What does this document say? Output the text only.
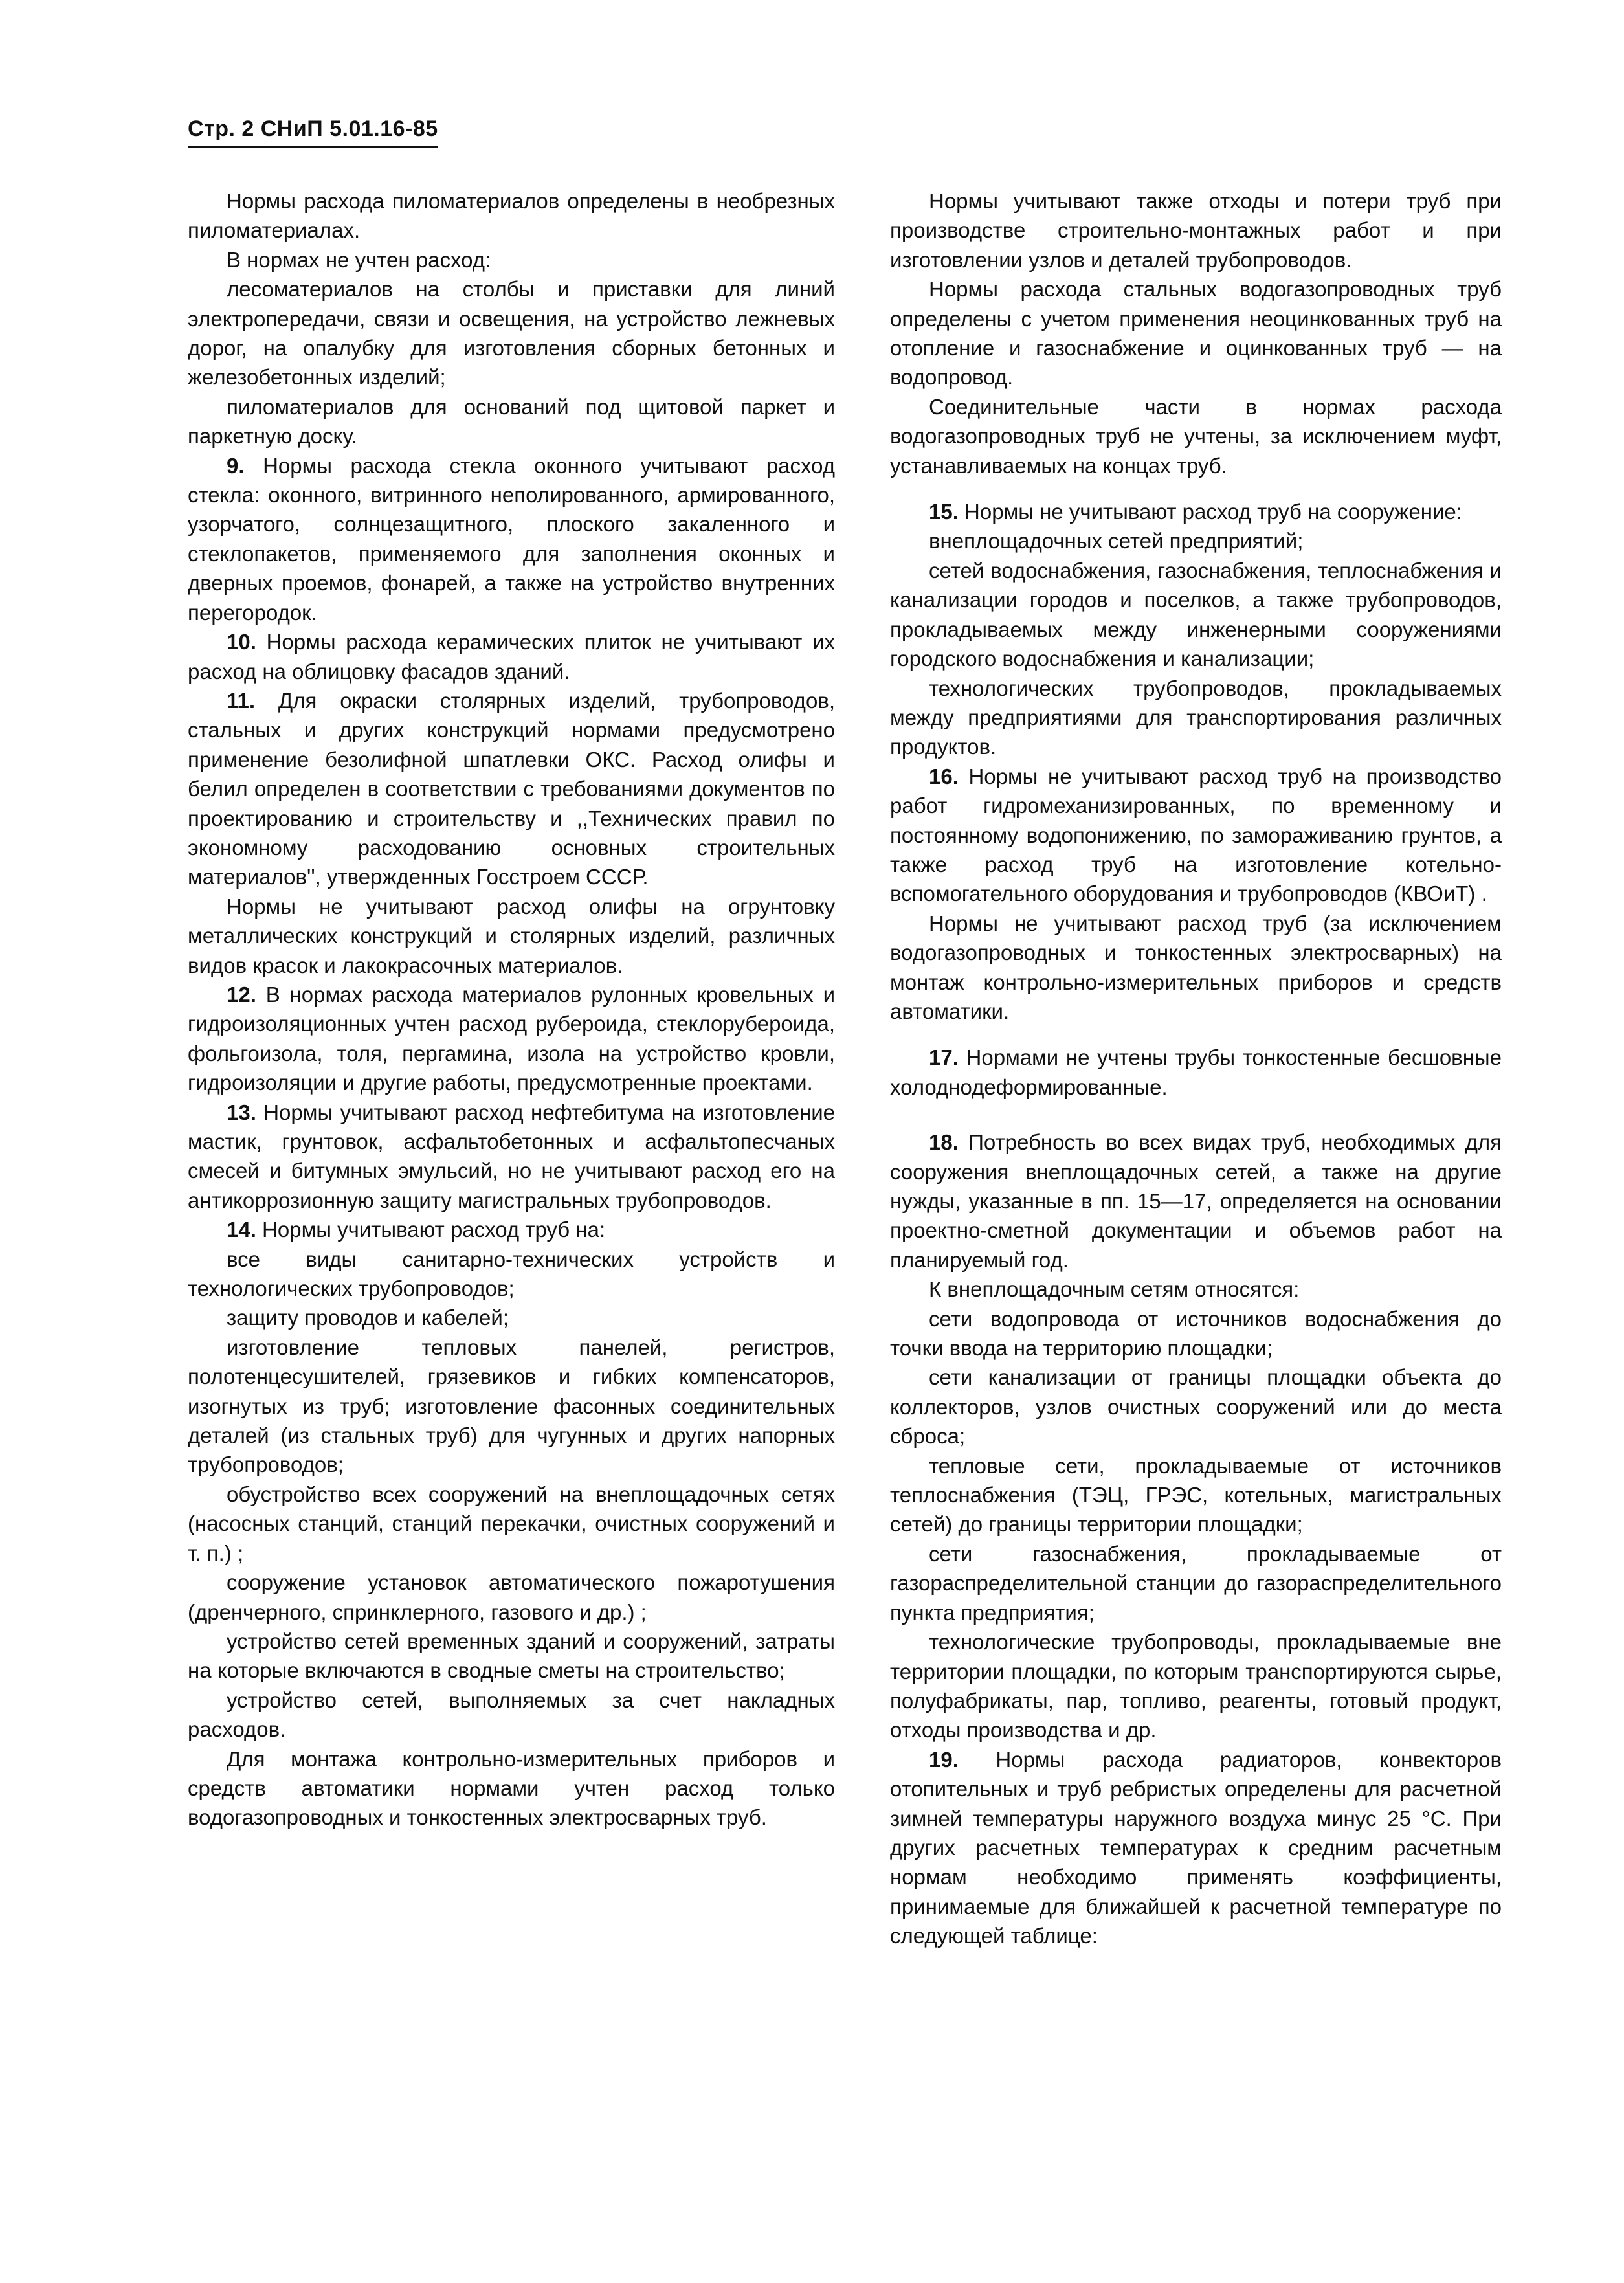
Стр. 2 СНиП 5.01.16-85

Нормы расхода пиломатериалов определены в необрезных пиломатериалах.

В нормах не учтен расход:

лесоматериалов на столбы и приставки для линий электропередачи, связи и освещения, на устройство лежневых дорог, на опалубку для изготовления сборных бетонных и железобетонных изделий;

пиломатериалов для оснований под щитовой паркет и паркетную доску.

9. Нормы расхода стекла оконного учитывают расход стекла: оконного, витринного неполированного, армированного, узорчатого, солнцезащитного, плоского закаленного и стеклопакетов, применяемого для заполнения оконных и дверных проемов, фонарей, а также на устройство внутренних перегородок.

10. Нормы расхода керамических плиток не учитывают их расход на облицовку фасадов зданий.

11. Для окраски столярных изделий, трубопроводов, стальных и других конструкций нормами предусмотрено применение безолифной шпатлевки ОКС. Расход олифы и белил определен в соответствии с требованиями документов по проектированию и строительству и ,,Технических правил по экономному расходованию основных строительных материалов'', утвержденных Госстроем СССР.

Нормы не учитывают расход олифы на огрунтовку металлических конструкций и столярных изделий, различных видов красок и лакокрасочных материалов.

12. В нормах расхода материалов рулонных кровельных и гидроизоляционных учтен расход рубероида, стеклорубероида, фольгоизола, толя, пергамина, изола на устройство кровли, гидроизоляции и другие работы, предусмотренные проектами.

13. Нормы учитывают расход нефтебитума на изготовление мастик, грунтовок, асфальтобетонных и асфальтопесчаных смесей и битумных эмульсий, но не учитывают расход его на антикоррозионную защиту магистральных трубопроводов.

14. Нормы учитывают расход труб на:

все виды санитарно-технических устройств и технологических трубопроводов;

защиту проводов и кабелей;

изготовление тепловых панелей, регистров, полотенцесушителей, грязевиков и гибких компенсаторов, изогнутых из труб; изготовление фасонных соединительных деталей (из стальных труб) для чугунных и других напорных трубопроводов;

обустройство всех сооружений на внеплощадочных сетях (насосных станций, станций перекачки, очистных сооружений и т. п.) ;

сооружение установок автоматического пожаротушения (дренчерного, спринклерного, газового и др.) ;

устройство сетей временных зданий и сооружений, затраты на которые включаются в сводные сметы на строительство;

устройство сетей, выполняемых за счет накладных расходов.

Для монтажа контрольно-измерительных приборов и средств автоматики нормами учтен расход только водогазопроводных и тонкостенных электросварных труб.

Нормы учитывают также отходы и потери труб при производстве строительно-монтажных работ и при изготовлении узлов и деталей трубопроводов.

Нормы расхода стальных водогазопроводных труб определены с учетом применения неоцинкованных труб на отопление и газоснабжение и оцинкованных труб — на водопровод.

Соединительные части в нормах расхода водогазопроводных труб не учтены, за исключением муфт, устанавливаемых на концах труб.

15. Нормы не учитывают расход труб на сооружение:

внеплощадочных сетей предприятий;

сетей водоснабжения, газоснабжения, теплоснабжения и канализации городов и поселков, а также трубопроводов, прокладываемых между инженерными сооружениями городского водоснабжения и канализации;

технологических трубопроводов, прокладываемых между предприятиями для транспортирования различных продуктов.

16. Нормы не учитывают расход труб на производство работ гидромеханизированных, по временному и постоянному водопонижению, по замораживанию грунтов, а также расход труб на изготовление котельно-вспомогательного оборудования и трубопроводов (КВОиТ) .

Нормы не учитывают расход труб (за исключением водогазопроводных и тонкостенных электросварных) на монтаж контрольно-измерительных приборов и средств автоматики.

17. Нормами не учтены трубы тонкостенные бесшовные холоднодеформированные.

18. Потребность во всех видах труб, необходимых для сооружения внеплощадочных сетей, а также на другие нужды, указанные в пп. 15—17, определяется на основании проектно-сметной документации и объемов работ на планируемый год.

К внеплощадочным сетям относятся:

сети водопровода от источников водоснабжения до точки ввода на территорию площадки;

сети канализации от границы площадки объекта до коллекторов, узлов очистных сооружений или до места сброса;

тепловые сети, прокладываемые от источников теплоснабжения (ТЭЦ, ГРЭС, котельных, магистральных сетей) до границы территории площадки;

сети газоснабжения, прокладываемые от газораспределительной станции до газораспределительного пункта предприятия;

технологические трубопроводы, прокладываемые вне территории площадки, по которым транспортируются сырье, полуфабрикаты, пар, топливо, реагенты, готовый продукт, отходы производства и др.

19. Нормы расхода радиаторов, конвекторов отопительных и труб ребристых определены для расчетной зимней температуры наружного воздуха минус 25 °С. При других расчетных температурах к средним расчетным нормам необходимо применять коэффициенты, принимаемые для ближайшей к расчетной температуре по следующей таблице:
